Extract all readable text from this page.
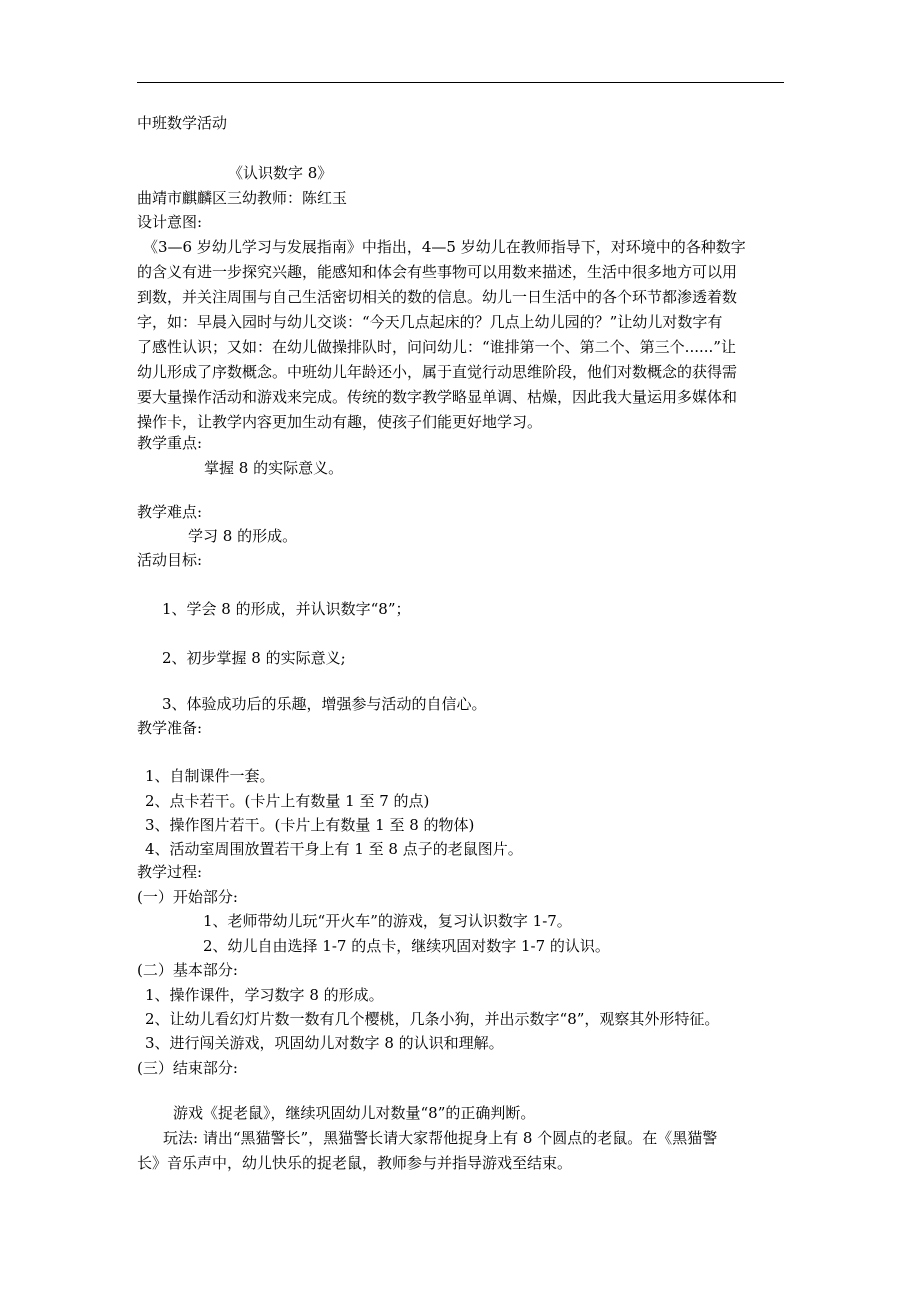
中班数学活动

《认识数字 8》

曲靖市麒麟区三幼教师：陈红玉

设计意图:

《3—6 岁幼儿学习与发展指南》中指出，4—5 岁幼儿在教师指导下，对环境中的各种数字

的含义有进一步探究兴趣，能感知和体会有些事物可以用数来描述，生活中很多地方可以用

到数，并关注周围与自己生活密切相关的数的信息。幼儿一日生活中的各个环节都渗透着数

字，如：早晨入园时与幼儿交谈：“今天几点起床的？几点上幼儿园的？”让幼儿对数字有

了感性认识；又如：在幼儿做操排队时，问问幼儿：“谁排第一个、第二个、第三个......”让

幼儿形成了序数概念。中班幼儿年龄还小，属于直觉行动思维阶段，他们对数概念的获得需

要大量操作活动和游戏来完成。传统的数字教学略显单调、枯燥，因此我大量运用多媒体和

操作卡，让教学内容更加生动有趣，使孩子们能更好地学习。

教学重点:

掌握 8 的实际意义。

教学难点:

学习 8 的形成。

活动目标:

1、学会 8 的形成，并认识数字“8”；

2、初步掌握 8 的实际意义;

3、体验成功后的乐趣，增强参与活动的自信心。

教学准备:

1、自制课件一套。

2、点卡若干。(卡片上有数量 1 至 7 的点)

3、操作图片若干。(卡片上有数量 1 至 8 的物体)

4、活动室周围放置若干身上有 1 至 8 点子的老鼠图片。

教学过程:

(一）开始部分:

1、老师带幼儿玩“开火车”的游戏，复习认识数字 1-7。

2、幼儿自由选择 1-7 的点卡，继续巩固对数字 1-7 的认识。

(二）基本部分:

1、操作课件，学习数字 8 的形成。

2、让幼儿看幻灯片数一数有几个樱桃，几条小狗，并出示数字“8”，观察其外形特征。

3、进行闯关游戏，巩固幼儿对数字 8 的认识和理解。

(三）结束部分:

游戏《捉老鼠》，继续巩固幼儿对数量“8”的正确判断。

玩法: 请出“黑猫警长”，黑猫警长请大家帮他捉身上有 8 个圆点的老鼠。在《黑猫警

长》音乐声中，幼儿快乐的捉老鼠，教师参与并指导游戏至结束。
